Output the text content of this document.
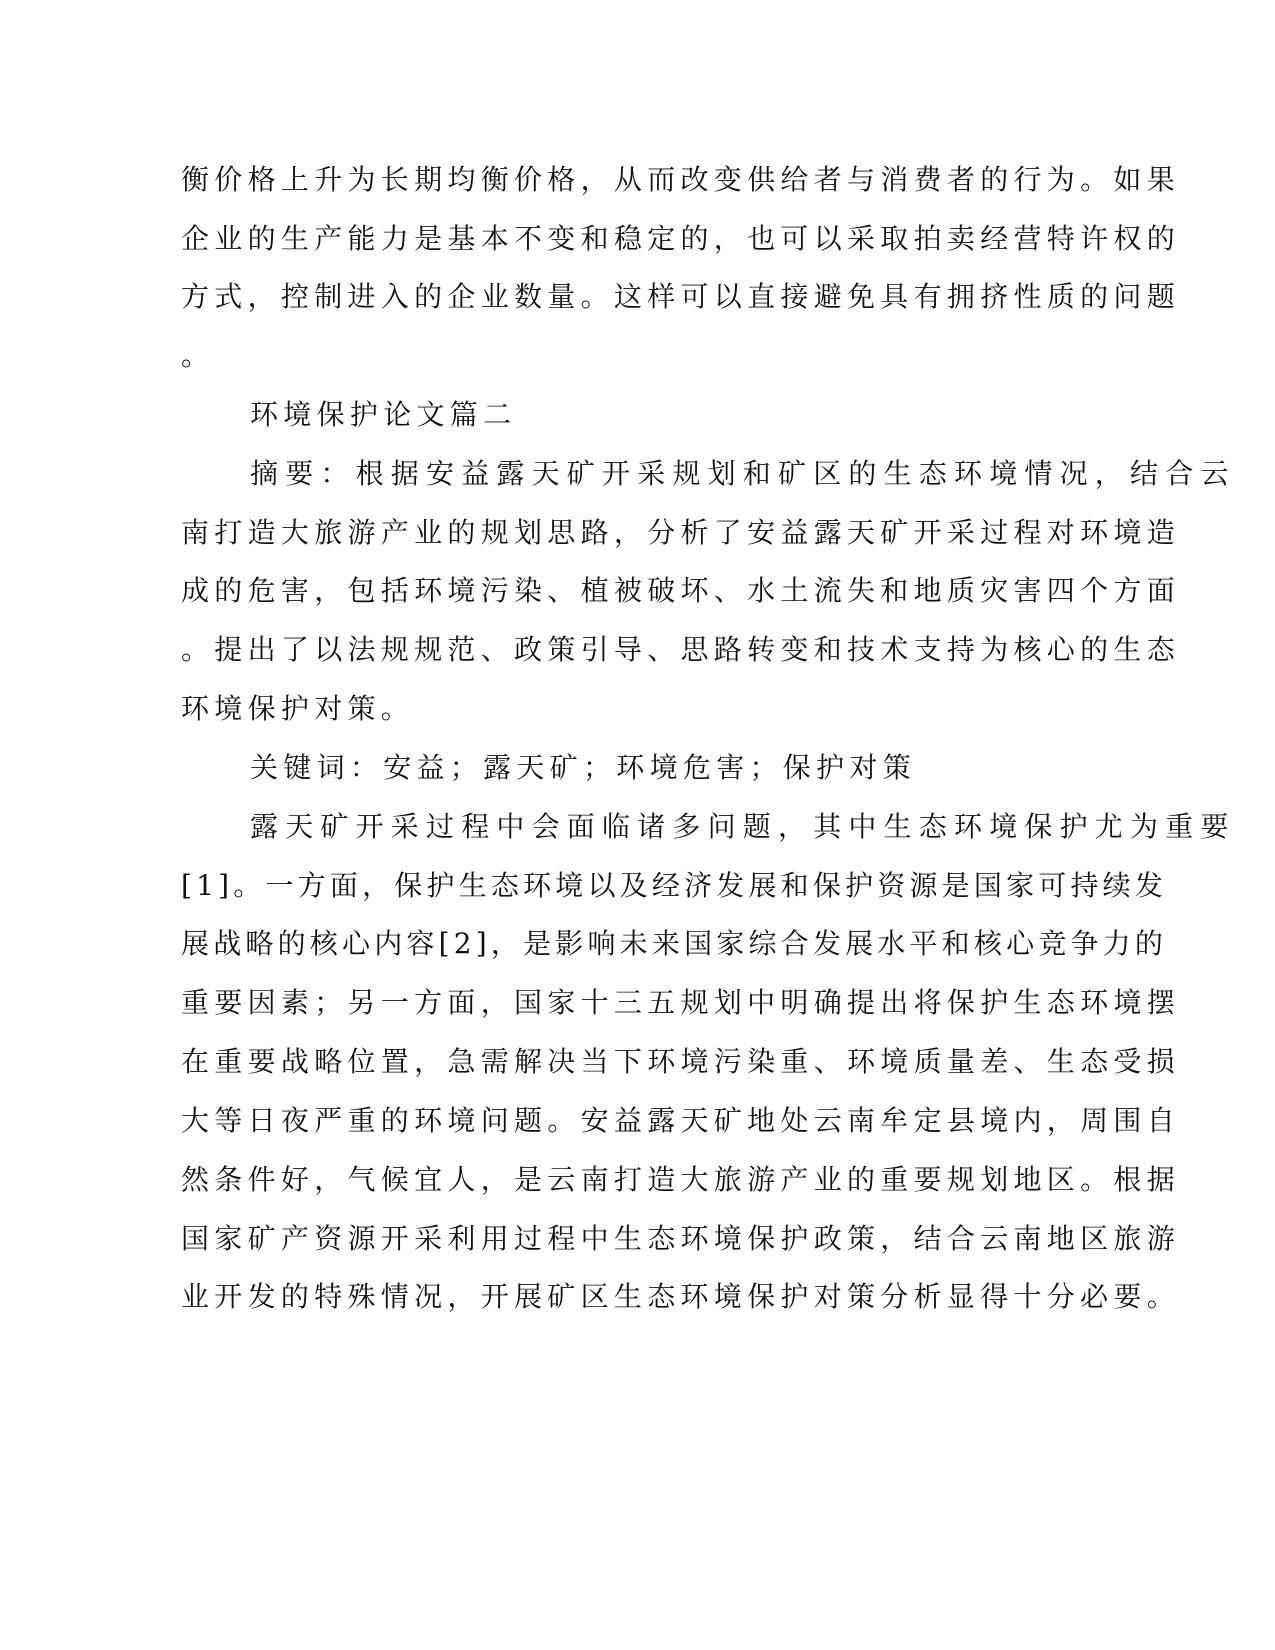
衡价格上升为长期均衡价格，从而改变供给者与消费者的行为。如果
企业的生产能力是基本不变和稳定的，也可以采取拍卖经营特许权的
方式，控制进入的企业数量。这样可以直接避免具有拥挤性质的问题
。
环境保护论文篇二
摘要：根据安益露天矿开采规划和矿区的生态环境情况，结合云
南打造大旅游产业的规划思路，分析了安益露天矿开采过程对环境造
成的危害，包括环境污染、植被破坏、水土流失和地质灾害四个方面
。提出了以法规规范、政策引导、思路转变和技术支持为核心的生态
环境保护对策。
关键词：安益；露天矿；环境危害；保护对策
露天矿开采过程中会面临诸多问题，其中生态环境保护尤为重要
[1]。一方面，保护生态环境以及经济发展和保护资源是国家可持续发
展战略的核心内容[2]，是影响未来国家综合发展水平和核心竞争力的
重要因素；另一方面，国家十三五规划中明确提出将保护生态环境摆
在重要战略位置，急需解决当下环境污染重、环境质量差、生态受损
大等日夜严重的环境问题。安益露天矿地处云南牟定县境内，周围自
然条件好，气候宜人，是云南打造大旅游产业的重要规划地区。根据
国家矿产资源开采利用过程中生态环境保护政策，结合云南地区旅游
业开发的特殊情况，开展矿区生态环境保护对策分析显得十分必要。
